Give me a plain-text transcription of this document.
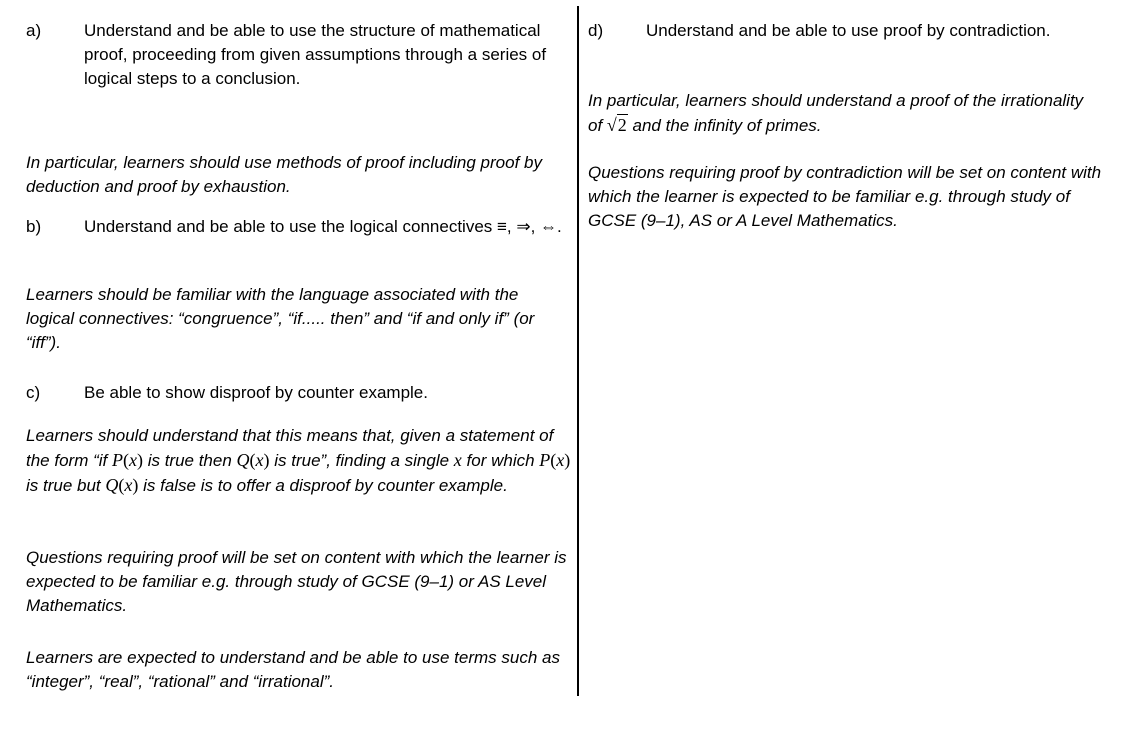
a)	Understand and be able to use the structure of mathematical proof, proceeding from given assumptions through a series of logical steps to a conclusion.
In particular, learners should use methods of proof including proof by deduction and proof by exhaustion.
b)	Understand and be able to use the logical connectives ≡, ⇒, ⇔.
Learners should be familiar with the language associated with the logical connectives: “congruence”, “if..... then” and “if and only if” (or “iff”).
c)	Be able to show disproof by counter example.
Learners should understand that this means that, given a statement of the form “if P(x) is true then Q(x) is true”, finding a single x for which P(x) is true but Q(x) is false is to offer a disproof by counter example.
Questions requiring proof will be set on content with which the learner is expected to be familiar e.g. through study of GCSE (9–1) or AS Level Mathematics.
Learners are expected to understand and be able to use terms such as “integer”, “real”, “rational” and “irrational”.
d)	Understand and be able to use proof by contradiction.
In particular, learners should understand a proof of the irrationality of √2 and the infinity of primes.
Questions requiring proof by contradiction will be set on content with which the learner is expected to be familiar e.g. through study of GCSE (9–1), AS or A Level Mathematics.
